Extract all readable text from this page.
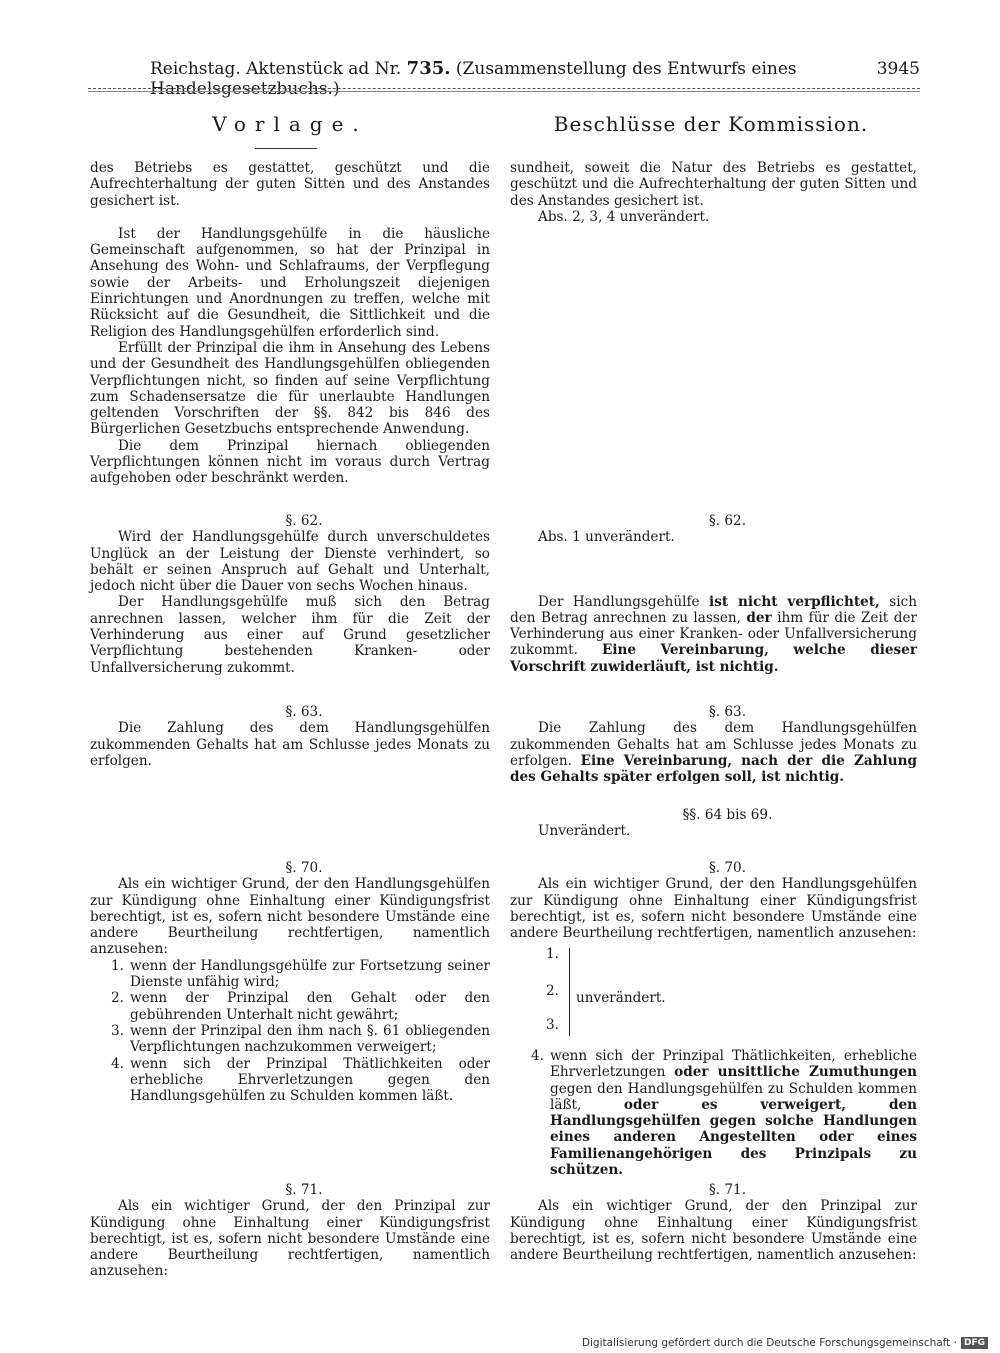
Reichstag. Aktenstück ad Nr. 735. (Zusammenstellung des Entwurfs eines Handelsgesetzbuchs.)
3945
Vorlage.	Beschlüsse der Kommission.

des Betriebs es gestattet, geschützt und die Aufrechterhaltung der guten Sitten und des Anstandes gesichert ist.

Ist der Handlungsgehülfe in die häusliche Gemeinschaft aufgenommen, so hat der Prinzipal in Ansehung des Wohn- und Schlafraums, der Verpflegung sowie der Arbeits- und Erholungszeit diejenigen Einrichtungen und Anordnungen zu treffen, welche mit Rücksicht auf die Gesundheit, die Sittlichkeit und die Religion des Handlungsgehülfen erforderlich sind.

Erfüllt der Prinzipal die ihm in Ansehung des Lebens und der Gesundheit des Handlungsgehülfen obliegenden Verpflichtungen nicht, so finden auf seine Verpflichtung zum Schadensersatze die für unerlaubte Handlungen geltenden Vorschriften der §§. 842 bis 846 des Bürgerlichen Gesetzbuchs entsprechende Anwendung.

Die dem Prinzipal hiernach obliegenden Verpflichtungen können nicht im voraus durch Vertrag aufgehoben oder beschränkt werden.

§. 62.

Wird der Handlungsgehülfe durch unverschuldetes Unglück an der Leistung der Dienste verhindert, so behält er seinen Anspruch auf Gehalt und Unterhalt, jedoch nicht über die Dauer von sechs Wochen hinaus.

Der Handlungsgehülfe muß sich den Betrag anrechnen lassen, welcher ihm für die Zeit der Verhinderung aus einer auf Grund gesetzlicher Verpflichtung bestehenden Kranken- oder Unfallversicherung zukommt.

§. 63.

Die Zahlung des dem Handlungsgehülfen zukommenden Gehalts hat am Schlusse jedes Monats zu erfolgen.

§. 70.

Als ein wichtiger Grund, der den Handlungsgehülfen zur Kündigung ohne Einhaltung einer Kündigungsfrist berechtigt, ist es, sofern nicht besondere Umstände eine andere Beurtheilung rechtfertigen, namentlich anzusehen:

1. wenn der Handlungsgehülfe zur Fortsetzung seiner Dienste unfähig wird;
2. wenn der Prinzipal den Gehalt oder den gebührenden Unterhalt nicht gewährt;
3. wenn der Prinzipal den ihm nach §. 61 obliegenden Verpflichtungen nachzukommen verweigert;
4. wenn sich der Prinzipal Thätlichkeiten oder erhebliche Ehrverletzungen gegen den Handlungsgehülfen zu Schulden kommen läßt.

§. 71.

Als ein wichtiger Grund, der den Prinzipal zur Kündigung ohne Einhaltung einer Kündigungsfrist berechtigt, ist es, sofern nicht besondere Umstände eine andere Beurtheilung rechtfertigen, namentlich anzusehen:

sundheit, soweit die Natur des Betriebs es gestattet, geschützt und die Aufrechterhaltung der guten Sitten und des Anstandes gesichert ist.

Abs. 2, 3, 4 unverändert.

§. 62.

Abs. 1 unverändert.

Der Handlungsgehülfe ist nicht verpflichtet, sich den Betrag anrechnen zu lassen, der ihm für die Zeit der Verhinderung aus einer Kranken- oder Unfallversicherung zukommt. Eine Vereinbarung, welche dieser Vorschrift zuwiderläuft, ist nichtig.

§. 63.

Die Zahlung des dem Handlungsgehülfen zukommenden Gehalts hat am Schlusse jedes Monats zu erfolgen. Eine Vereinbarung, nach der die Zahlung des Gehalts später erfolgen soll, ist nichtig.

§§. 64 bis 69.

Unverändert.

§. 70.

Als ein wichtiger Grund, der den Handlungsgehülfen zur Kündigung ohne Einhaltung einer Kündigungsfrist berechtigt, ist es, sofern nicht besondere Umstände eine andere Beurtheilung rechtfertigen, namentlich anzusehen:

1.
2.
3.
unverändert.
4. wenn sich der Prinzipal Thätlichkeiten, erhebliche Ehrverletzungen oder unsittliche Zumuthungen gegen den Handlungsgehülfen zu Schulden kommen läßt,	oder es verweigert, den Handlungsgehülfen gegen solche Handlungen eines anderen Angestellten oder eines Familienangehörigen des Prinzipals zu schützen.

§. 71.

Als ein wichtiger Grund, der den Prinzipal zur Kündigung ohne Einhaltung einer Kündigungsfrist berechtigt, ist es, sofern nicht besondere Umstände eine andere Beurtheilung rechtfertigen, namentlich anzusehen:

Digitalisierung gefördert durch die Deutsche Forschungsgemeinschaft · DFG
